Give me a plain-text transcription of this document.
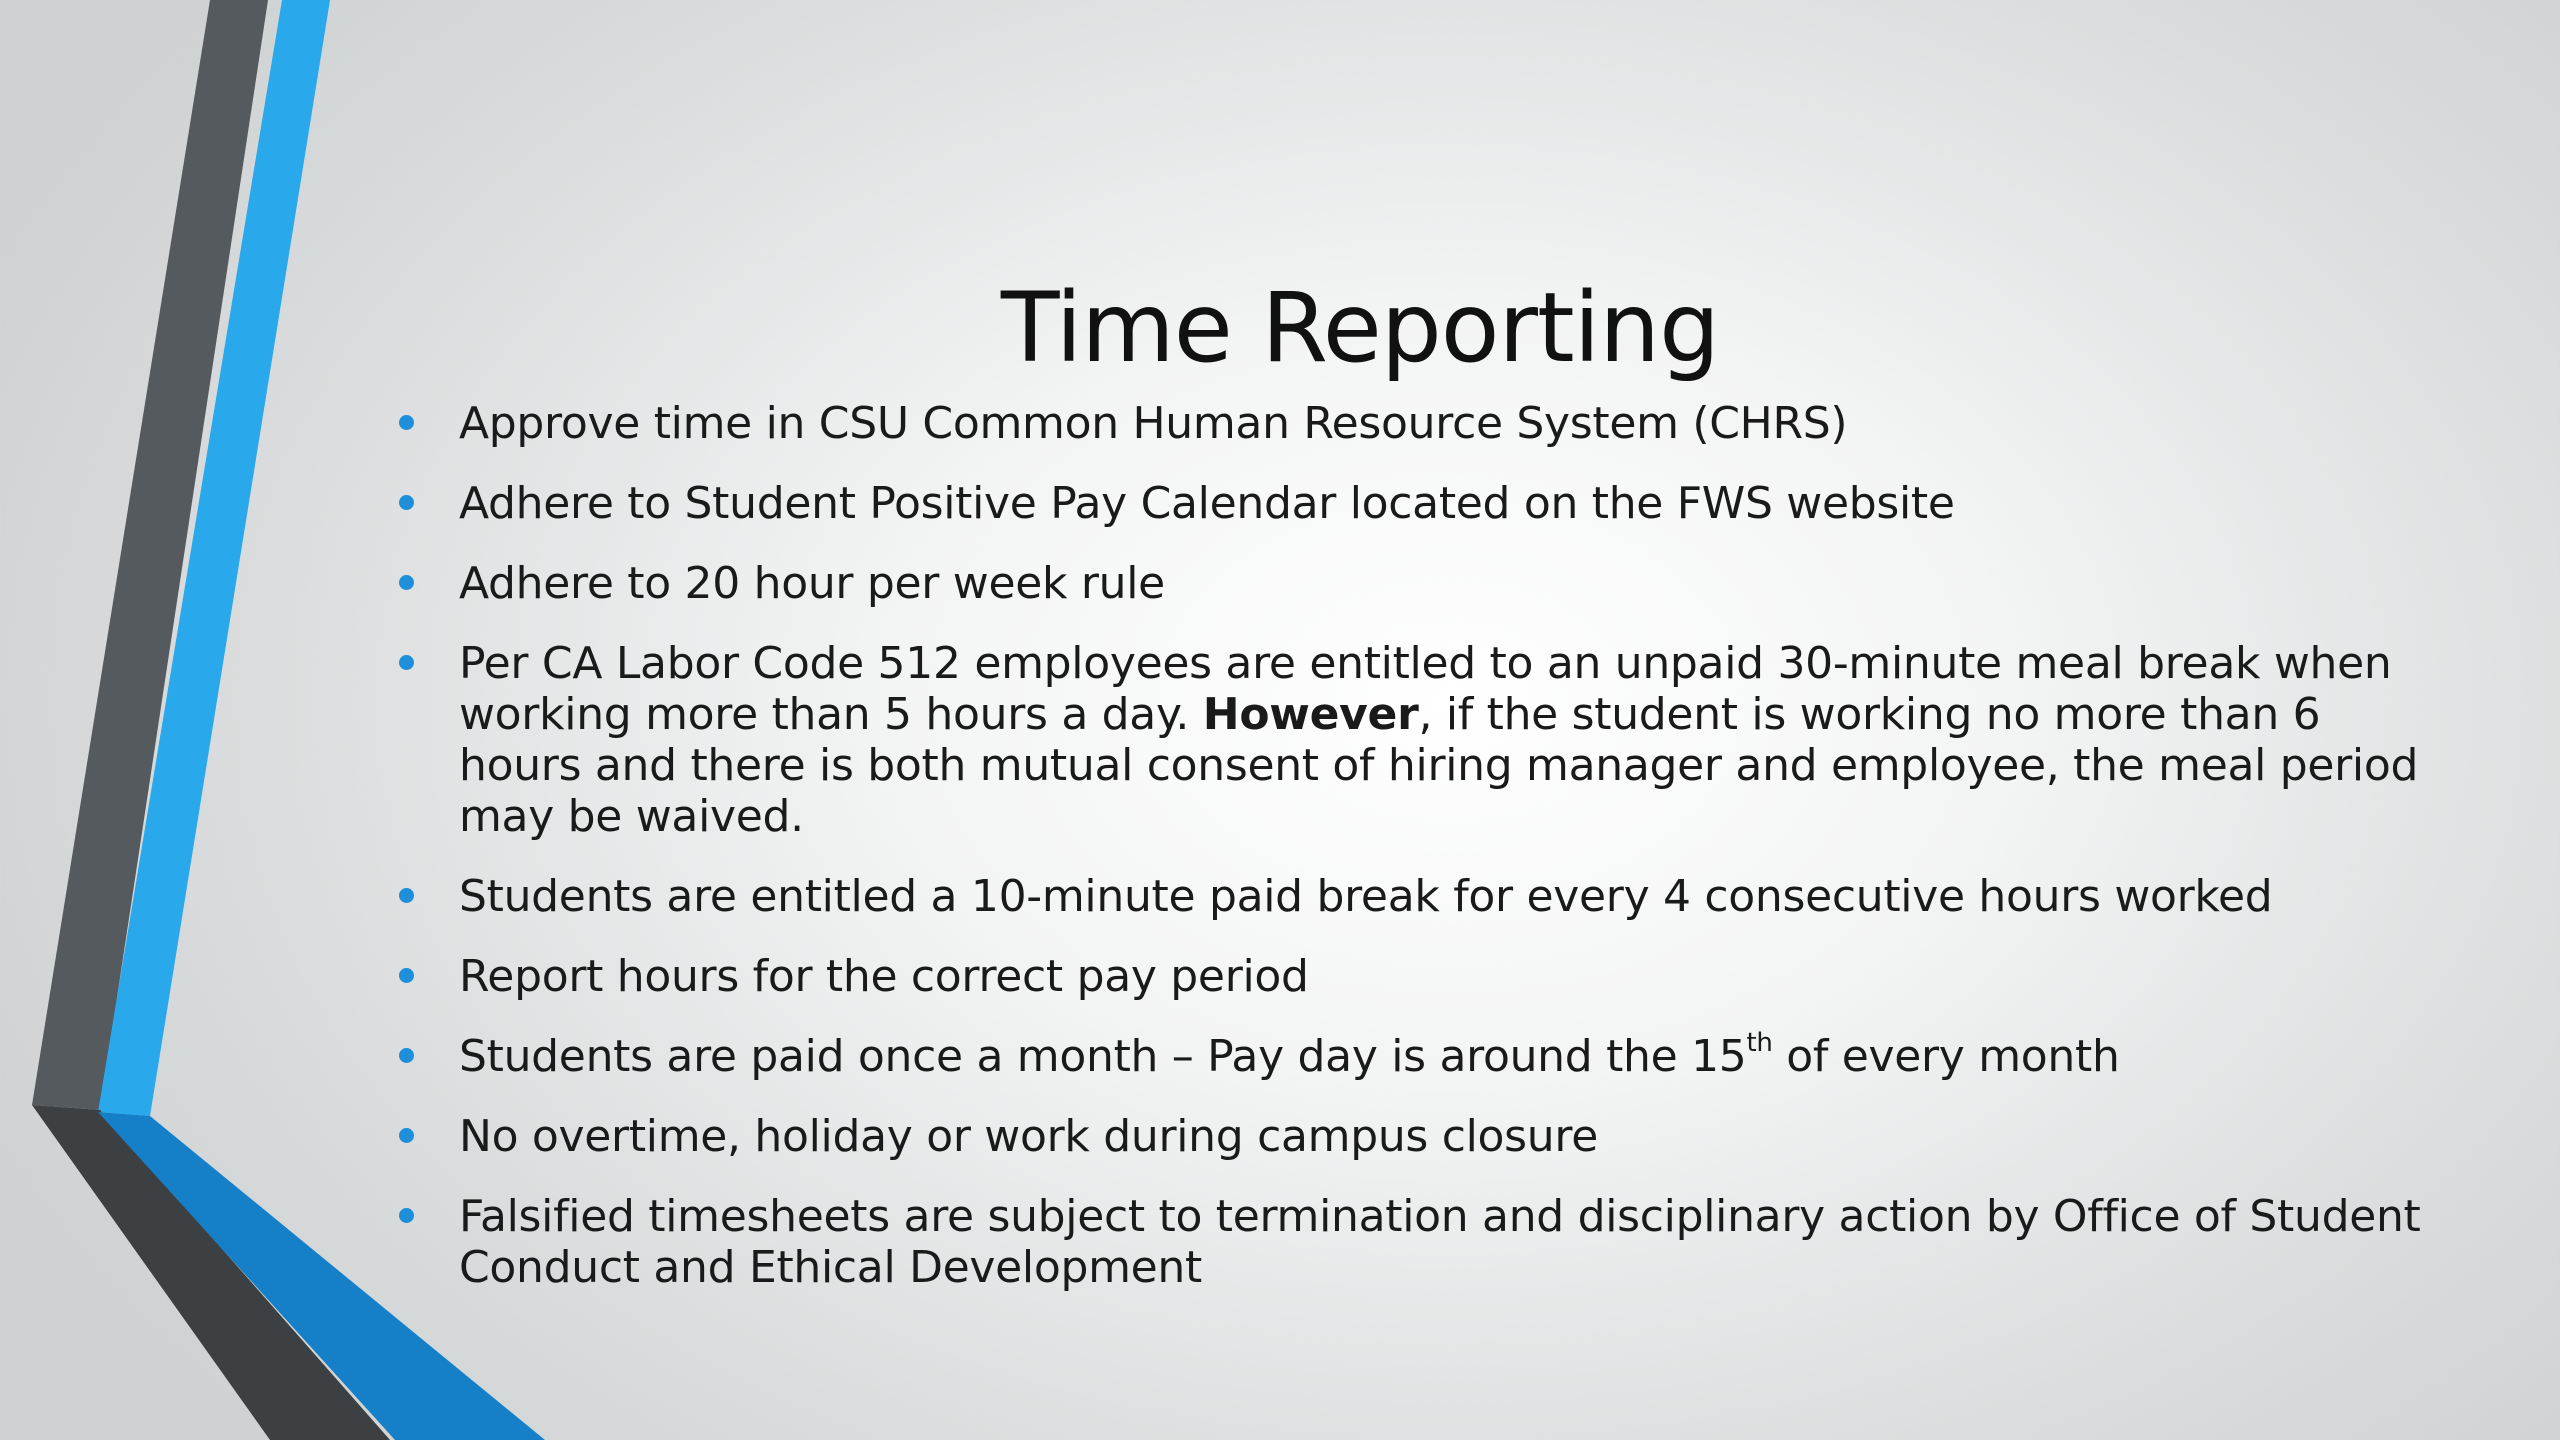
Time Reporting
Approve time in CSU Common Human Resource System (CHRS)
Adhere to Student Positive Pay Calendar located on the FWS website
Adhere to 20 hour per week rule
Per CA Labor Code 512 employees are entitled to an unpaid 30-minute meal break when working more than 5 hours a day. However, if the student is working no more than 6 hours and there is both mutual consent of hiring manager and employee, the meal period may be waived.
Students are entitled a 10-minute paid break for every 4 consecutive hours worked
Report hours for the correct pay period
Students are paid once a month – Pay day is around the 15th of every month
No overtime, holiday or work during campus closure
Falsified timesheets are subject to termination and disciplinary action by Office of Student Conduct and Ethical Development
